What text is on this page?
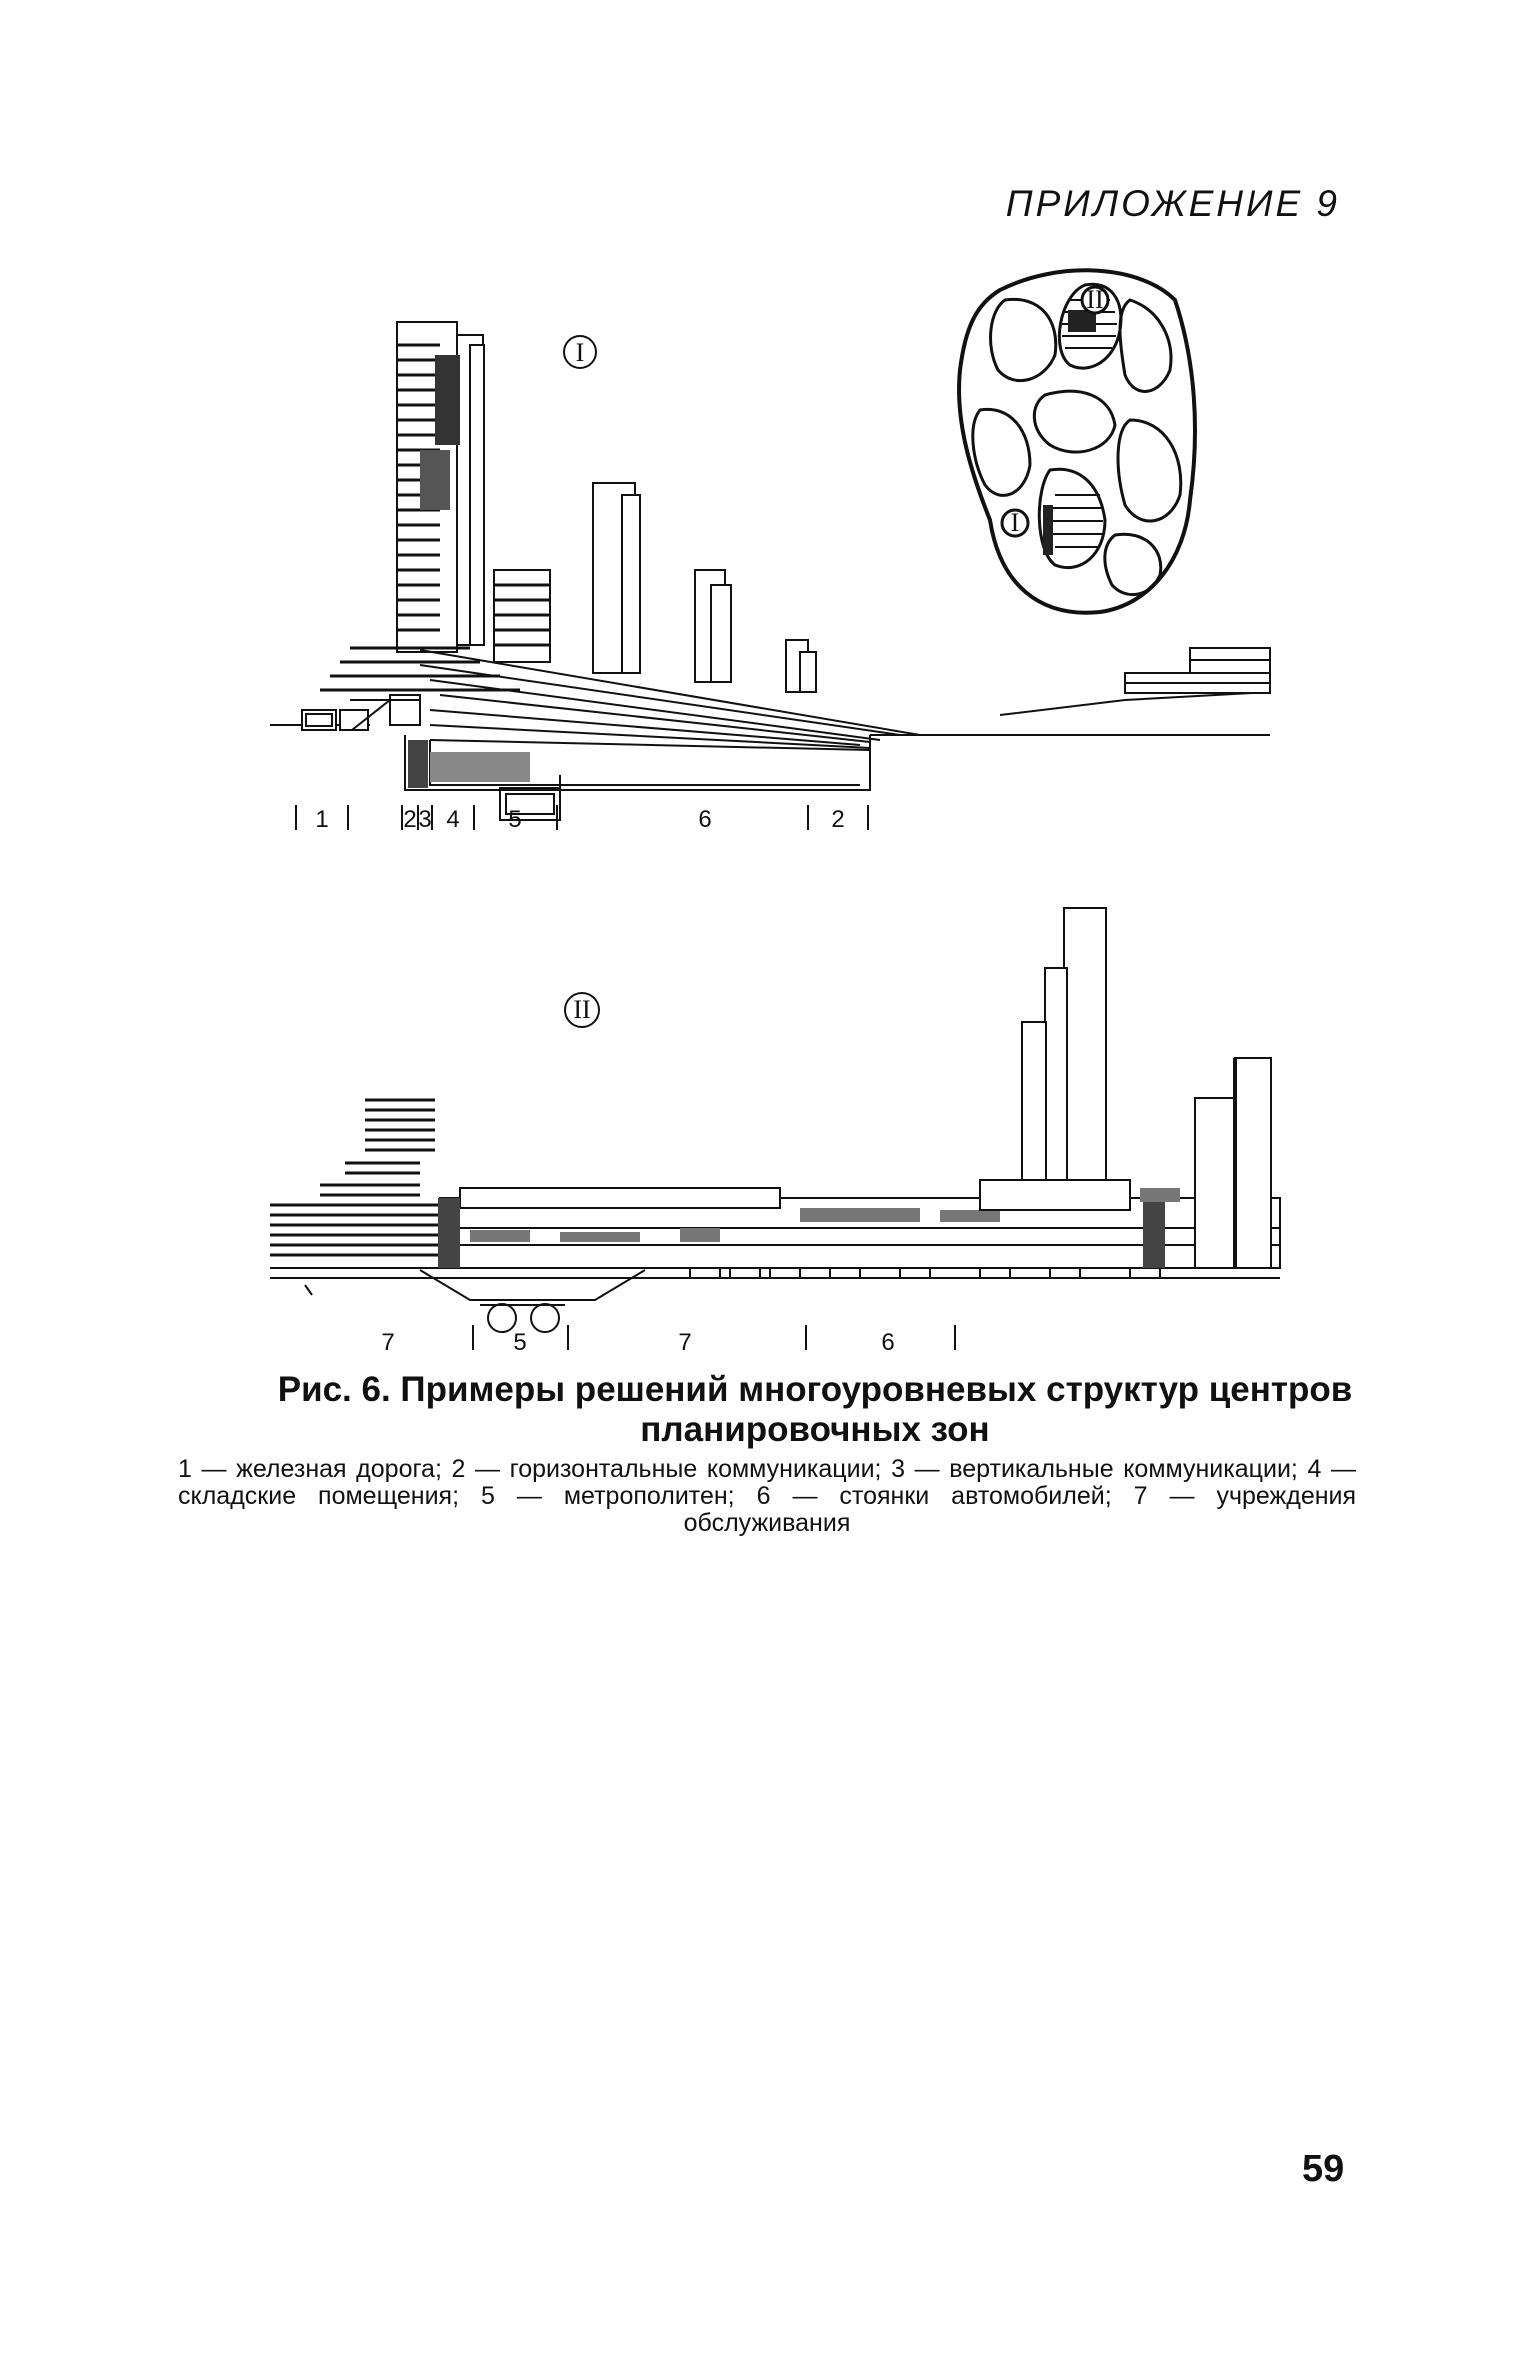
ПРИЛОЖЕНИЕ 9
I
1	2 3 4 5	6	2
II
I
II
7	5	7	6

Рис. 6. Примеры решений многоуровневых структур центров планировочных зон

1 — железная дорога; 2 — горизонтальные коммуникации; 3 — вертикальные коммуникации; 4 — складские помещения; 5 — метрополитен; 6 — стоянки автомобилей; 7 — учреждения обслуживания

59
